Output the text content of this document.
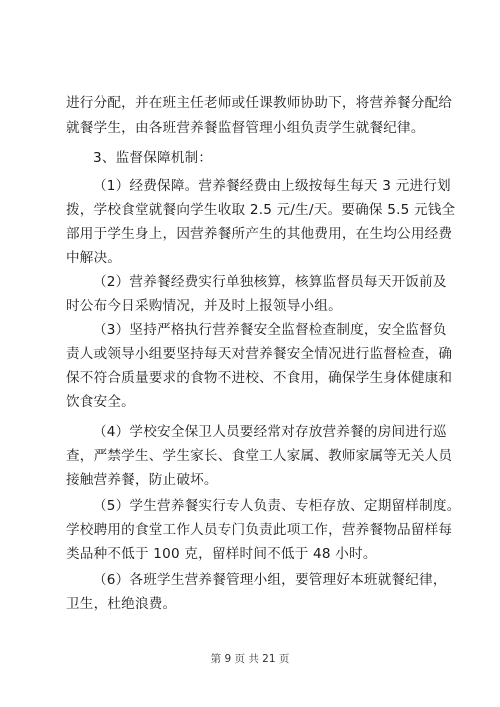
进行分配，并在班主任老师或任课教师协助下，将营养餐分配给
就餐学生，由各班营养餐监督管理小组负责学生就餐纪律。
3、监督保障机制：
（1）经费保障。营养餐经费由上级按每生每天 3 元进行划
拨，学校食堂就餐向学生收取 2.5 元/生/天。要确保 5.5 元钱全
部用于学生身上，因营养餐所产生的其他费用，在生均公用经费
中解决。
（2）营养餐经费实行单独核算，核算监督员每天开饭前及
时公布今日采购情况，并及时上报领导小组。
（3）坚持严格执行营养餐安全监督检查制度，安全监督负
责人或领导小组要坚持每天对营养餐安全情况进行监督检查，确
保不符合质量要求的食物不进校、不食用，确保学生身体健康和
饮食安全。
（4）学校安全保卫人员要经常对存放营养餐的房间进行巡
查，严禁学生、学生家长、食堂工人家属、教师家属等无关人员
接触营养餐，防止破坏。
（5）学生营养餐实行专人负责、专柜存放、定期留样制度。
学校聘用的食堂工作人员专门负责此项工作，营养餐物品留样每
类品种不低于 100 克，留样时间不低于 48 小时。
（6）各班学生营养餐管理小组，要管理好本班就餐纪律，
卫生，杜绝浪费。
第 9 页 共 21 页
